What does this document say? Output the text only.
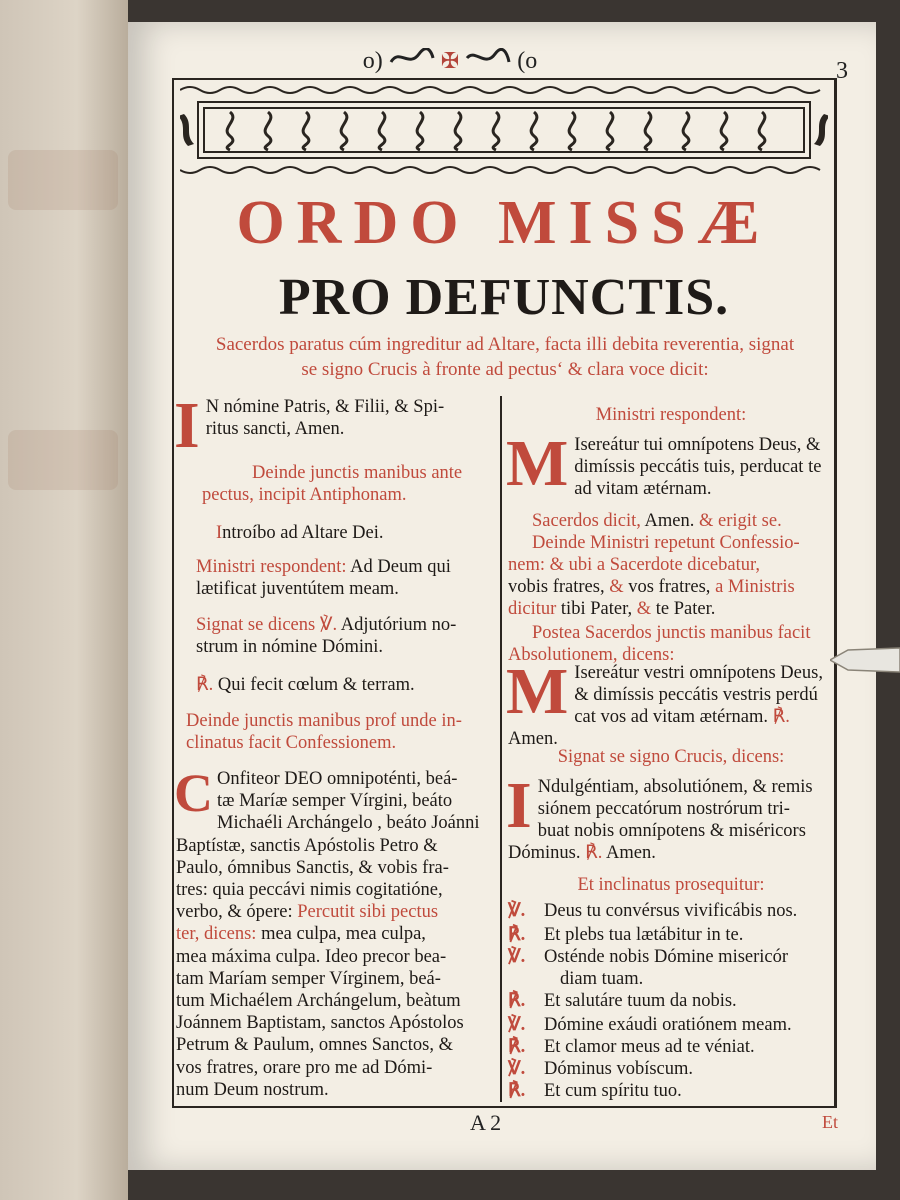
o)	✠ (o	3
ORDO MISSÆ
PRO DEFUNCTIS.
Sacerdos paratus cúm ingreditur ad Altare, facta illi debita reverentia, signat
se signo Crucis à fronte ad pectus‘ & clara voce dicit:
I N nómine Patris, & Filii, & Spi-
ritus sancti, Amen.
Deinde junctis manibus ante
pectus, incipit Antiphonam.
Introíbo ad Altare Dei.
Ministri respondent: Ad Deum qui
lætificat juventútem meam.
Signat se dicens ℣. Adjutórium no-
strum in nómine Dómini.
℟. Qui fecit cœlum & terram.
Deinde junctis manibus prof unde in-
clinatus facit Confessionem.
C Onfiteor DEO omnipoténti, beá-
tæ Maríæ semper Vírgini, beáto
Michaéli Archángelo , beáto Joánni
Baptístæ, sanctis Apóstolis Petro &
Paulo, ómnibus Sanctis, & vobis fra-
tres: quia peccávi nimis cogitatióne,
verbo, & ópere: Percutit sibi pectus
ter, dicens: mea culpa, mea culpa,
mea máxima culpa. Ideo precor bea-
tam Maríam semper Vírginem, beá-
tum Michaélem Archángelum, beàtum
Joánnem Baptistam, sanctos Apóstolos
Petrum & Paulum, omnes Sanctos, &
vos fratres, orare pro me ad Dómi-
num Deum nostrum.
Ministri respondent:
M Isereátur tui omnípotens Deus, &
dimíssis peccátis tuis, perducat te
ad vitam ætérnam.
Sacerdos dicit, Amen. & erigit se.
Deinde Ministri repetunt Confessio-
nem: & ubi a Sacerdote dicebatur,
vobis fratres, & vos fratres, a Ministris
dicitur tibi Pater, & te Pater.
Postea Sacerdos junctis manibus facit
Absolutionem, dicens:
M Isereátur vestri omnípotens Deus,
& dimíssis peccátis vestris perdú
cat vos ad vitam ætérnam. ℟. Amen.
Signat se signo Crucis, dicens:
I Ndulgéntiam, absolutiónem, & remis
siónem peccatórum nostrórum tri-
buat nobis omnípotens & miséricors
Dóminus. ℟. Amen.
Et inclinatus prosequitur:
℣.	Deus tu convérsus vivificábis nos.
℟.	Et plebs tua lætábitur in te.
℣.	Osténde nobis Dómine misericór
diam tuam.
℟.	Et salutáre tuum da nobis.
℣.	Dómine exáudi oratiónem meam.
℟.	Et clamor meus ad te véniat.
℣.	Dóminus vobíscum.
℟.	Et cum spíritu tuo.
A 2	Et
